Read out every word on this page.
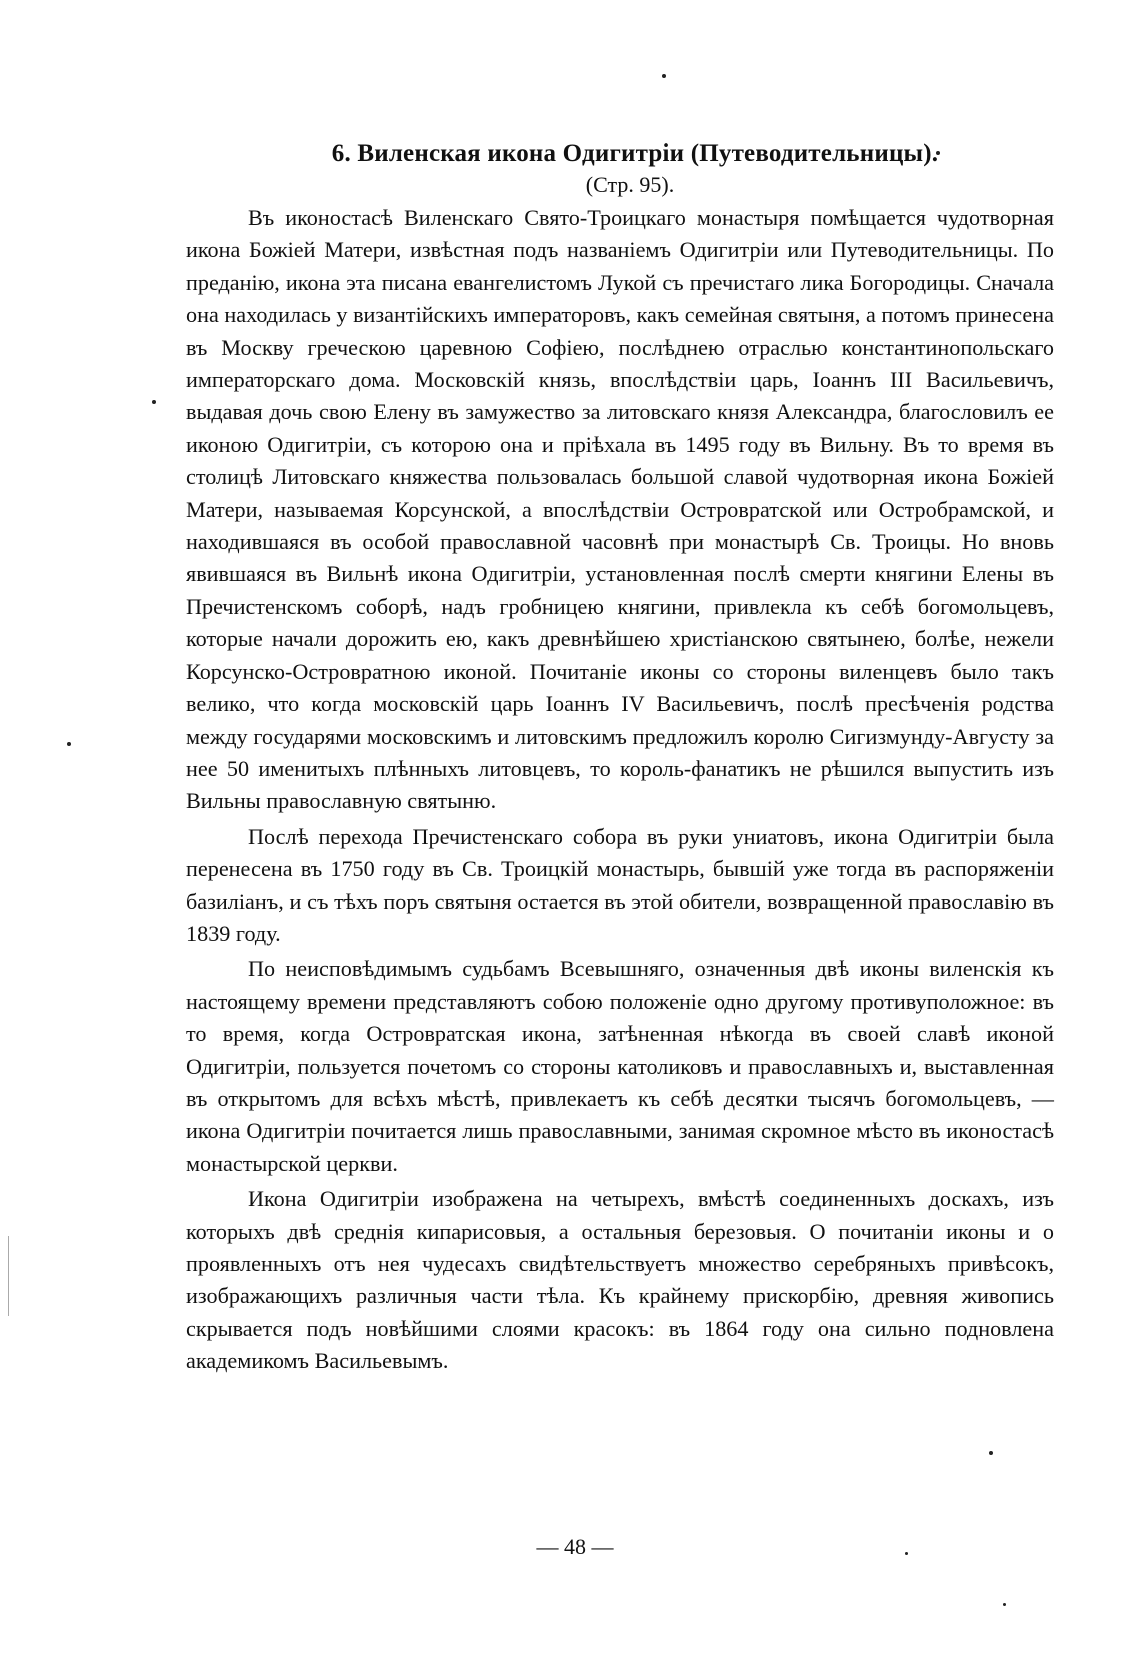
6. Виленская икона Одигитріи (Путеводительницы).
(Стр. 95).

Въ иконостасѣ Виленскаго Свято-Троицкаго монастыря помѣщается чудотворная икона Божіей Матери, извѣстная подъ названіемъ Одигитріи или Путеводительницы. По преданію, икона эта писана евангелистомъ Лукой съ пречистаго лика Богородицы. Сначала она находилась у византійскихъ императоровъ, какъ семейная святыня, а потомъ принесена въ Москву греческою царевною Софіею, послѣднею отраслью константинопольскаго императорскаго дома. Московскій князь, впослѣдствіи царь, Іоаннъ III Васильевичъ, выдавая дочь свою Елену въ замужество за литовскаго князя Александра, благословилъ ее иконою Одигитріи, съ которою она и пріѣхала въ 1495 году въ Вильну. Въ то время въ столицѣ Литовскаго княжества пользовалась большой славой чудотворная икона Божіей Матери, называемая Корсунской, а впослѣдствіи Островратской или Остробрамской, и находившаяся въ особой православной часовнѣ при монастырѣ Св. Троицы. Но вновь явившаяся въ Вильнѣ икона Одигитріи, установленная послѣ смерти княгини Елены въ Пречистенскомъ соборѣ, надъ гробницею княгини, привлекла къ себѣ богомольцевъ, которые начали дорожить ею, какъ древнѣйшею христіанскою святынею, болѣе, нежели Корсунско-Островратною иконой. Почитаніе иконы со стороны виленцевъ было такъ велико, что когда московскій царь Іоаннъ IV Васильевичъ, послѣ пресѣченія родства между государями московскимъ и литовскимъ предложилъ королю Сигизмунду-Августу за нее 50 именитыхъ плѣнныхъ литовцевъ, то король-фанатикъ не рѣшился выпустить изъ Вильны православную святыню.

Послѣ перехода Пречистенскаго собора въ руки униатовъ, икона Одигитріи была перенесена въ 1750 году въ Св. Троицкій монастырь, бывшій уже тогда въ распоряженіи базиліанъ, и съ тѣхъ поръ святыня остается въ этой обители, возвращенной православію въ 1839 году.

По неисповѣдимымъ судьбамъ Всевышняго, означенныя двѣ иконы виленскія къ настоящему времени представляютъ собою положеніе одно другому противуположное: въ то время, когда Островратская икона, затѣненная нѣкогда въ своей славѣ иконой Одигитріи, пользуется почетомъ со стороны католиковъ и православныхъ и, выставленная въ открытомъ для всѣхъ мѣстѣ, привлекаетъ къ себѣ десятки тысячъ богомольцевъ, — икона Одигитріи почитается лишь православными, занимая скромное мѣсто въ иконостасѣ монастырской церкви.

Икона Одигитріи изображена на четырехъ, вмѣстѣ соединенныхъ доскахъ, изъ которыхъ двѣ среднія кипарисовыя, а остальныя березовыя. О почитаніи иконы и о проявленныхъ отъ нея чудесахъ свидѣтельствуетъ множество серебряныхъ привѣсокъ, изображающихъ различныя части тѣла. Къ крайнему прискорбію, древняя живопись скрывается подъ новѣйшими слоями красокъ: въ 1864 году она сильно подновлена академикомъ Васильевымъ.

— 48 —
